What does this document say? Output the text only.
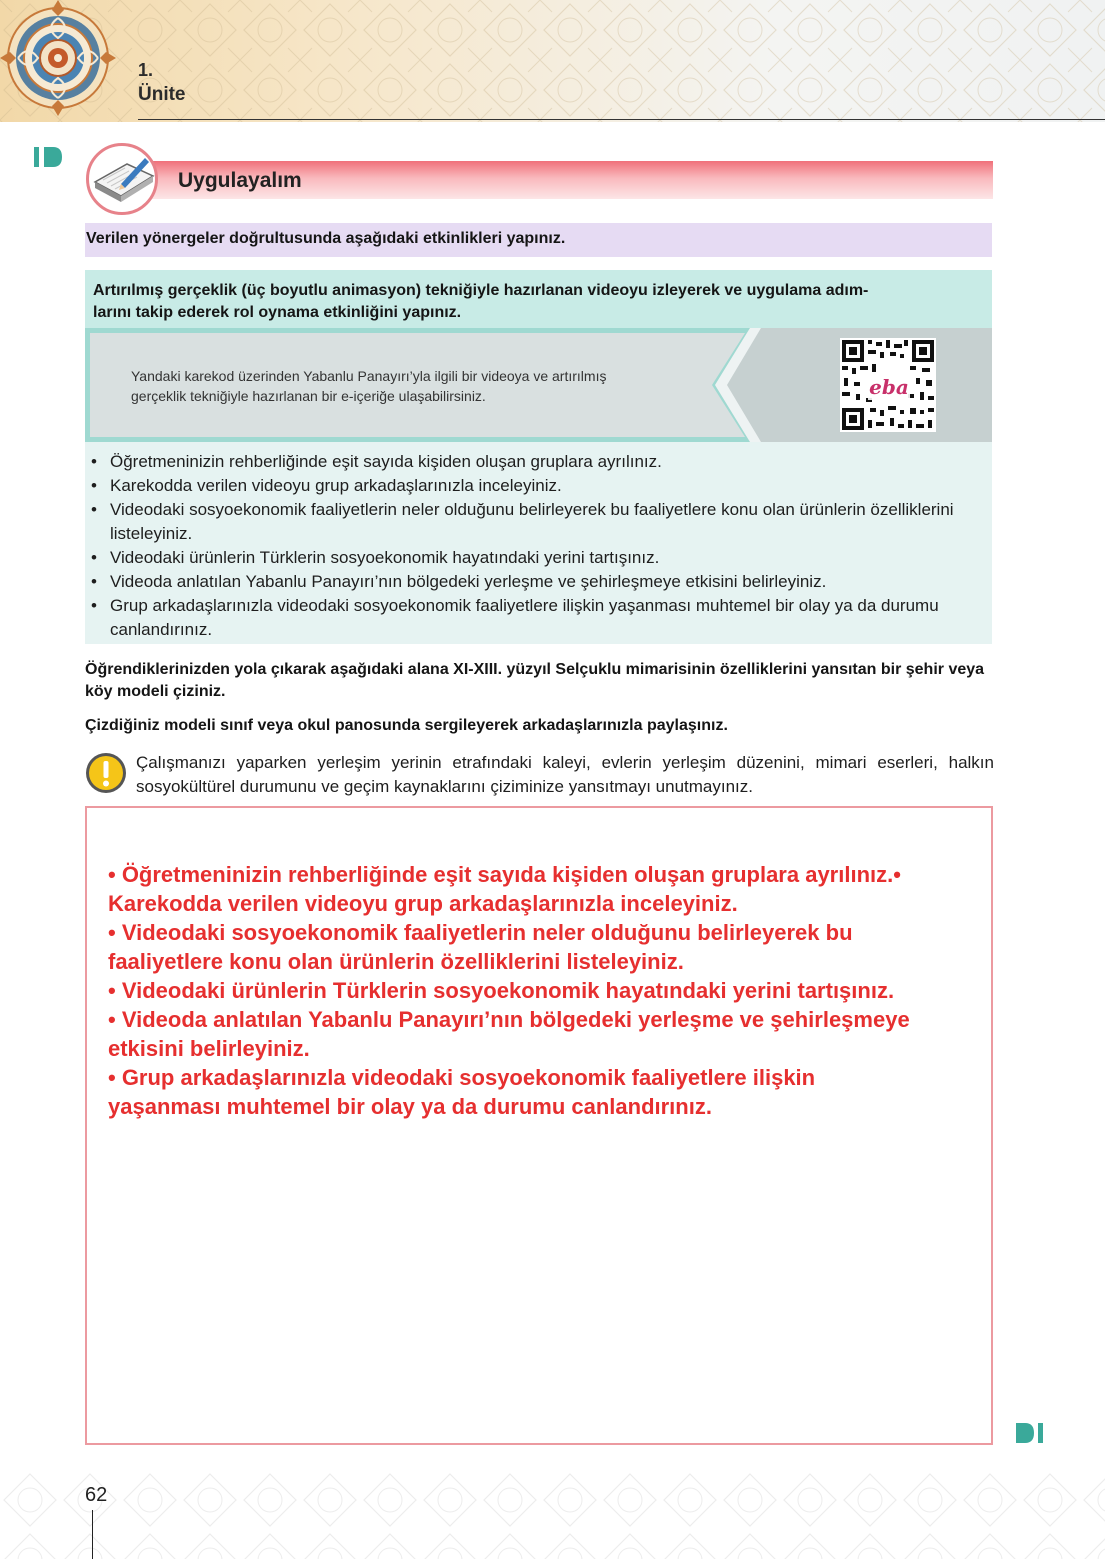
1.
Ünite
Uygulayalım
Verilen yönergeler doğrultusunda aşağıdaki etkinlikleri yapınız.
Artırılmış gerçeklik (üç boyutlu animasyon) tekniğiyle hazırlanan videoyu izleyerek ve uygulama adım-
larını takip ederek rol oynama etkinliğini yapınız.
Yandaki karekod üzerinden Yabanlu Panayırı’yla ilgili bir videoya ve artırılmış
gerçeklik tekniğiyle hazırlanan bir e-içeriğe ulaşabilirsiniz.	eba
• Öğretmeninizin rehberliğinde eşit sayıda kişiden oluşan gruplara ayrılınız.
• Karekodda verilen videoyu grup arkadaşlarınızla inceleyiniz.
• Videodaki sosyoekonomik faaliyetlerin neler olduğunu belirleyerek bu faaliyetlere konu olan ürünlerin özelliklerini listeleyiniz.
• Videodaki ürünlerin Türklerin sosyoekonomik hayatındaki yerini tartışınız.
• Videoda anlatılan Yabanlu Panayırı’nın bölgedeki yerleşme ve şehirleşmeye etkisini belirleyiniz.
• Grup arkadaşlarınızla videodaki sosyoekonomik faaliyetlere ilişkin yaşanması muhtemel bir olay ya da durumu canlandırınız.
Öğrendiklerinizden yola çıkarak aşağıdaki alana XI-XIII. yüzyıl Selçuklu mimarisinin özelliklerini yansıtan bir şehir veya köy modeli çiziniz.
Çizdiğiniz modeli sınıf veya okul panosunda sergileyerek arkadaşlarınızla paylaşınız.
Çalışmanızı yaparken yerleşim yerinin etrafındaki kaleyi, evlerin yerleşim düzenini, mimari eserleri, halkın sosyokültürel durumunu ve geçim kaynaklarını çiziminize yansıtmayı unutmayınız.
• Öğretmeninizin rehberliğinde eşit sayıda kişiden oluşan gruplara ayrılınız.•
Karekodda verilen videoyu grup arkadaşlarınızla inceleyiniz.
• Videodaki sosyoekonomik faaliyetlerin neler olduğunu belirleyerek bu
faaliyetlere konu olan ürünlerin özelliklerini listeleyiniz.
• Videodaki ürünlerin Türklerin sosyoekonomik hayatındaki yerini tartışınız.
• Videoda anlatılan Yabanlu Panayırı’nın bölgedeki yerleşme ve şehirleşmeye
etkisini belirleyiniz.
• Grup arkadaşlarınızla videodaki sosyoekonomik faaliyetlere ilişkin
yaşanması muhtemel bir olay ya da durumu canlandırınız.
62
